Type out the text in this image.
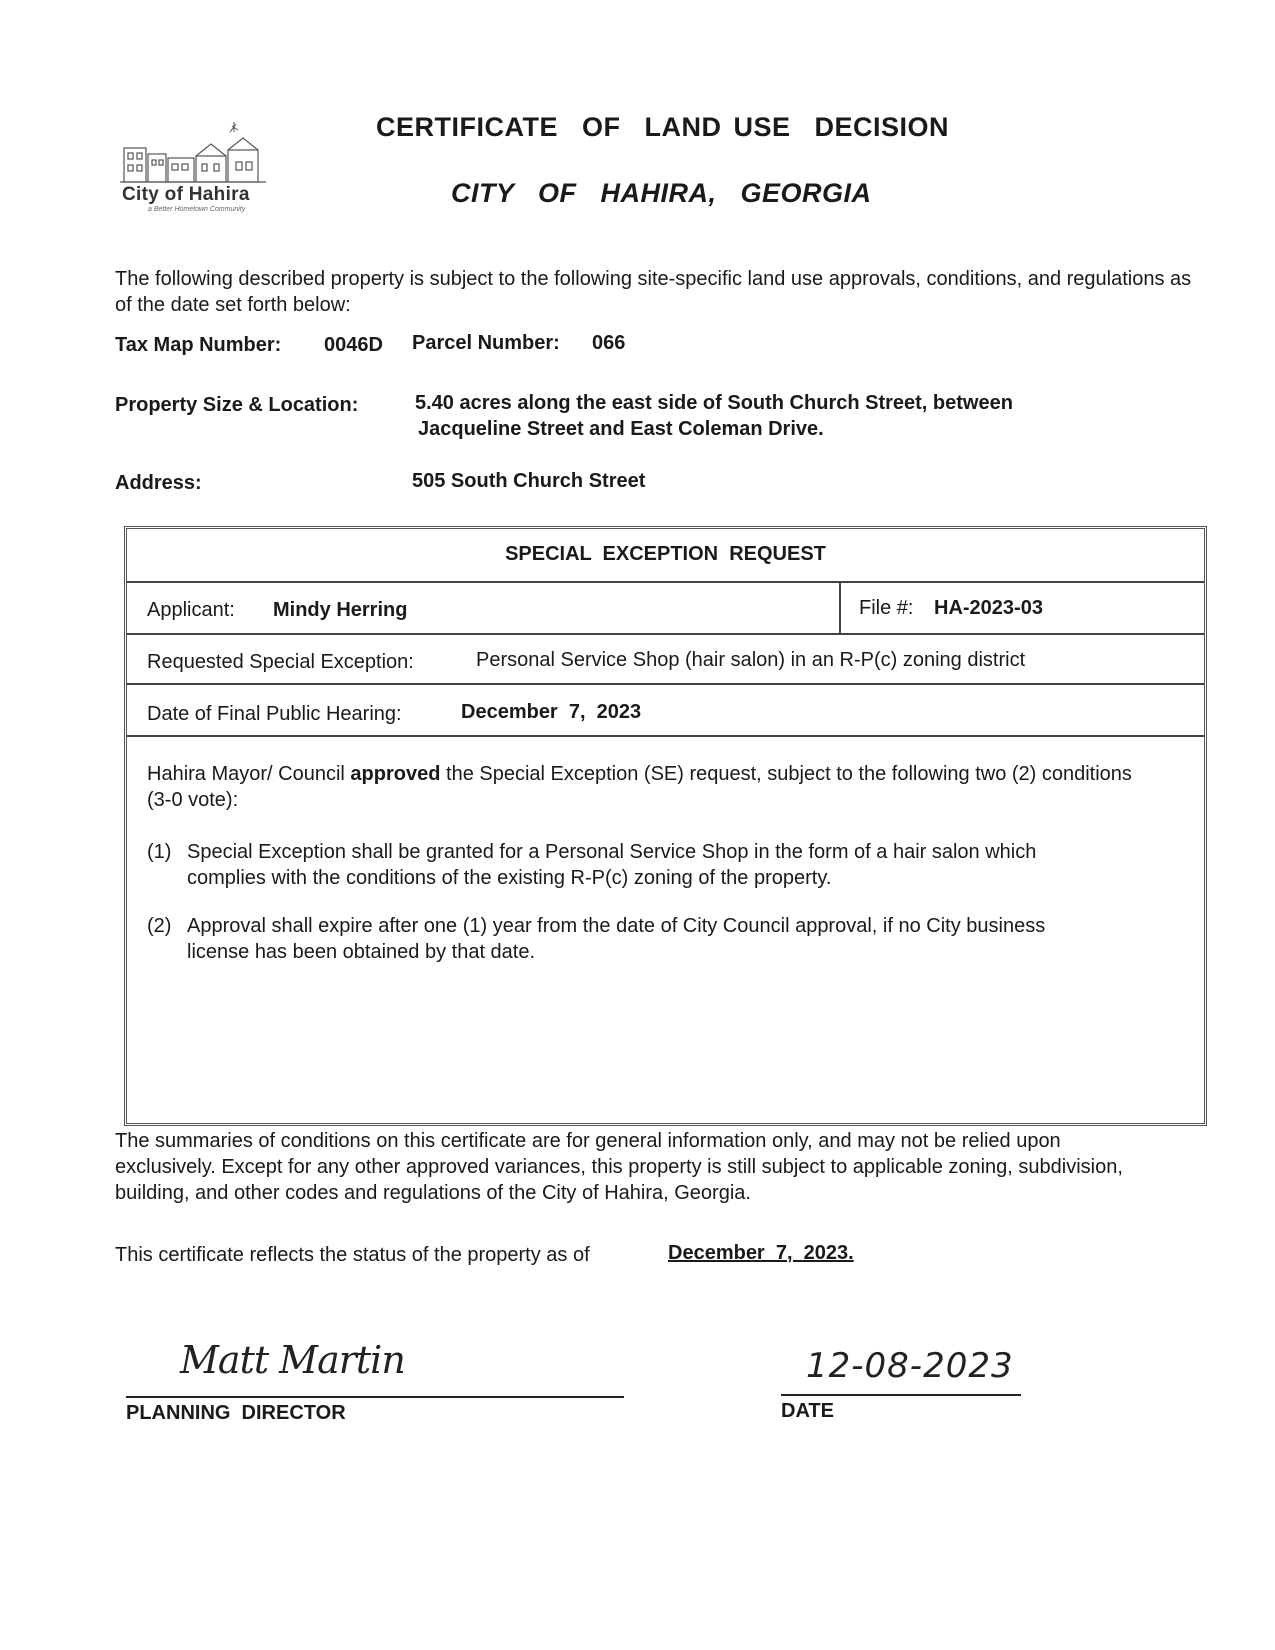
City of Hahira
a Better Hometown Community
CERTIFICATE  OF  LAND USE  DECISION
CITY  OF  HAHIRA,  GEORGIA
The following described property is subject to the following site-specific land use approvals, conditions, and regulations as of the date set forth below:
Tax Map Number: 0046D Parcel Number: 066
Property Size & Location:	5.40 acres along the east side of South Church Street, between
Jacqueline Street and East Coleman Drive.
Address:	505 South Church Street
SPECIAL  EXCEPTION  REQUEST
Applicant: Mindy Herring	File #: HA-2023-03
Requested Special Exception:	Personal Service Shop (hair salon) in an R-P(c) zoning district
Date of Final Public Hearing:	December  7,  2023
Hahira Mayor/ Council approved the Special Exception (SE) request, subject to the following two (2) conditions (3-0 vote):
(1) Special Exception shall be granted for a Personal Service Shop in the form of a hair salon which
complies with the conditions of the existing R-P(c) zoning of the property.
(2) Approval shall expire after one (1) year from the date of City Council approval, if no City business
license has been obtained by that date.
The summaries of conditions on this certificate are for general information only, and may not be relied upon exclusively. Except for any other approved variances, this property is still subject to applicable zoning, subdivision, building, and other codes and regulations of the City of Hahira, Georgia.
This certificate reflects the status of the property as of	December  7,  2023.
Matt Martin
PLANNING  DIRECTOR
12-08-2023
DATE
